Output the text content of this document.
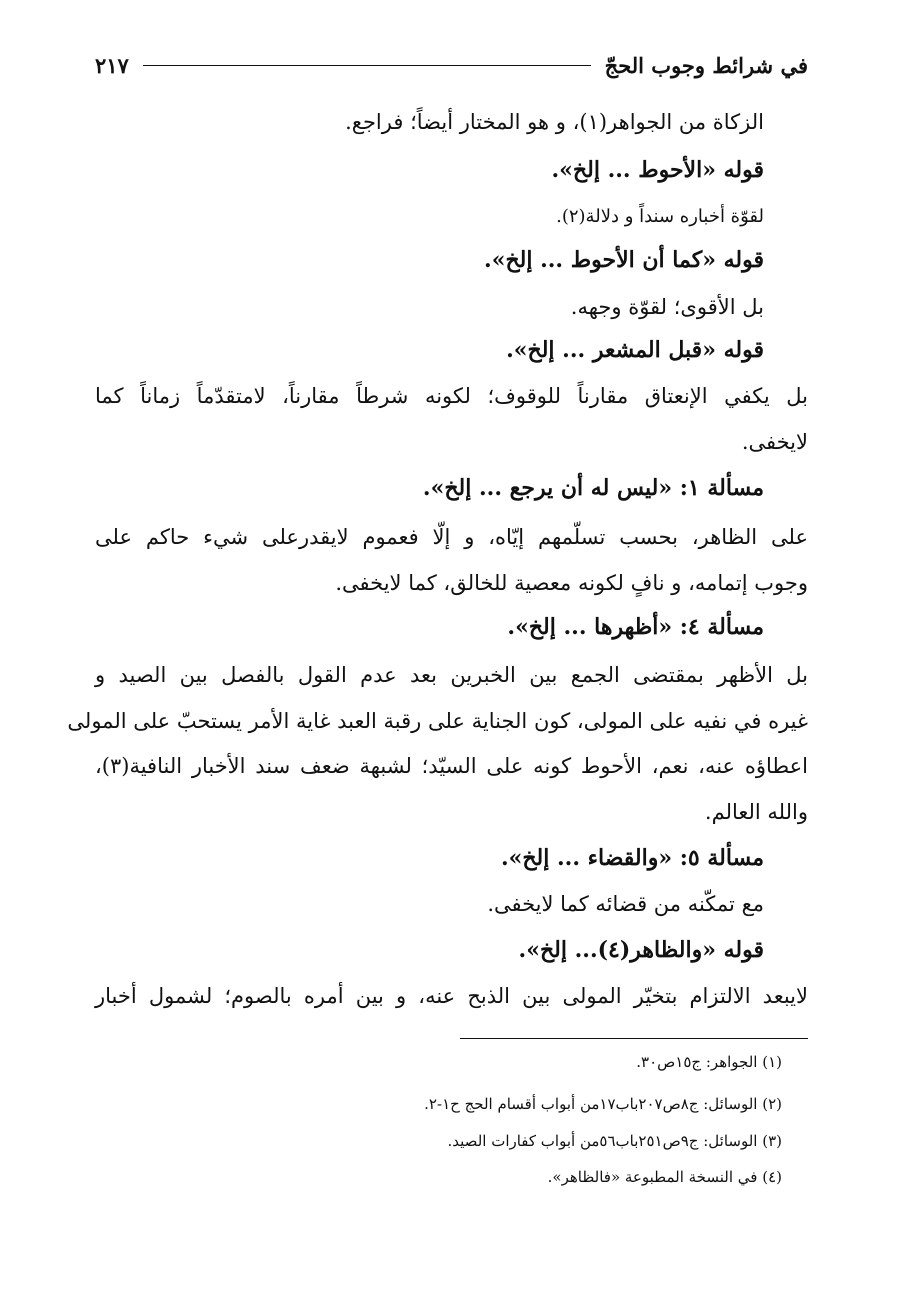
في شرائط وجوب الحجّ
٢١٧
الزكاة من الجواهر(١)، و هو المختار أيضاً؛ فراجع.
قوله «الأحوط ... إلخ».
لقوّة أخباره سنداً و دلالة(٢).
قوله «كما أن الأحوط ... إلخ».
بل الأقوى؛ لقوّة وجهه.
قوله «قبل المشعر ... إلخ».
بل يكفي الإنعتاق مقارناً للوقوف؛ لكونه شرطاً مقارناً، لامتقدّماً زماناً كما
لايخفى.
مسألة ١: «ليس له أن يرجع ... إلخ».
على الظاهر، بحسب تسلّمهم إيّاه، و إلّا فعموم لايقدرعلى شيء حاكم على
وجوب إتمامه، و نافٍ لكونه معصية للخالق، كما لايخفى.
مسألة ٤: «أظهرها ... إلخ».
بل الأظهر بمقتضى الجمع بين الخبرين بعد عدم القول بالفصل بين الصيد و
غيره في نفيه على المولى، كون الجناية على رقبة العبد غاية الأمر يستحبّ على المولى
اعطاؤه عنه، نعم، الأحوط كونه على السيّد؛ لشبهة ضعف سند الأخبار النافية(٣)،
والله العالم.
مسألة ٥: «والقضاء ... إلخ».
مع تمكّنه من قضائه كما لايخفى.
قوله «والظاهر(٤)... إلخ».
لايبعد الالتزام بتخيّر المولى بين الذبح عنه، و بين أمره بالصوم؛ لشمول أخبار
(١) الجواهر: ج١٥ص٣٠.
(٢) الوسائل: ج٨ص٢٠٧باب١٧من أبواب أقسام الحج ح١-٢.
(٣) الوسائل: ج٩ص٢٥١باب٥٦من أبواب كفارات الصيد.
(٤) في النسخة المطبوعة «فالظاهر».
